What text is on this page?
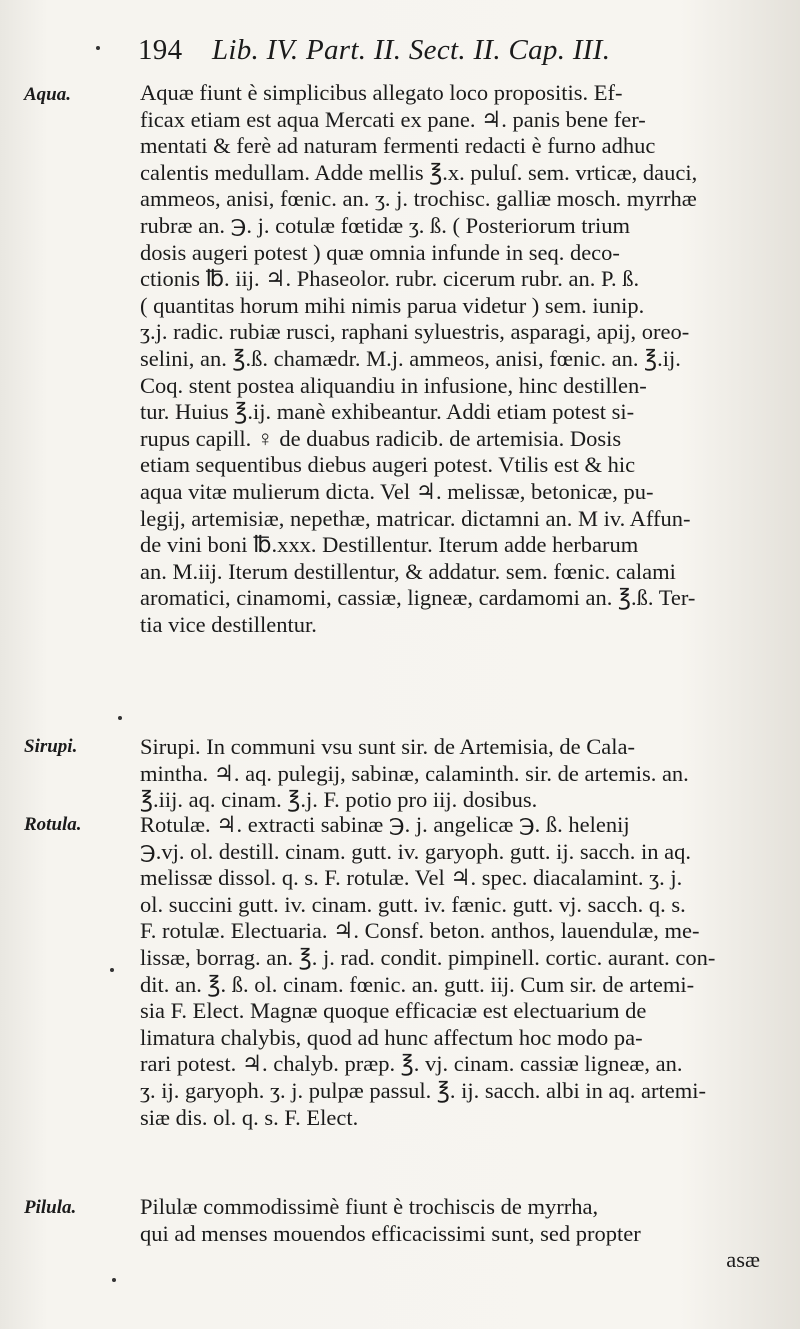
194 Lib. IV. Part. II. Sect. II. Cap. III.
Aqua.
Sirupi.
Rotula.
Pilula.
Aquæ fiunt è simplicibus allegato loco propositis. Ef-
ficax etiam est aqua Mercati ex pane. ♃. panis bene fer-
mentati & ferè ad naturam fermenti redacti è furno adhuc
calentis medullam. Adde mellis ℥.x. puluſ. sem. vrticæ, dauci,
ammeos, anisi, fœnic. an. ʒ. j. trochisc. galliæ mosch. myrrhæ
rubræ an. ℈. j. cotulæ fœtidæ ʒ. ß. ( Posteriorum trium
dosis augeri potest ) quæ omnia infunde in seq. deco-
ctionis ℔. iij. ♃. Phaseolor. rubr. cicerum rubr. an. P. ß.
( quantitas horum mihi nimis parua videtur ) sem. iunip.
ʒ.j. radic. rubiæ rusci, raphani syluestris, asparagi, apij, oreo-
selini, an. ℥.ß. chamædr. M.j. ammeos, anisi, fœnic. an. ℥.ij.
Coq. stent postea aliquandiu in infusione, hinc destillen-
tur. Huius ℥.ij. manè exhibeantur. Addi etiam potest si-
rupus capill. ♀ de duabus radicib. de artemisia. Dosis
etiam sequentibus diebus augeri potest. Vtilis est & hic
aqua vitæ mulierum dicta. Vel ♃. melissæ, betonicæ, pu-
legij, artemisiæ, nepethæ, matricar. dictamni an. M iv. Affun-
de vini boni ℔.xxx. Destillentur. Iterum adde herbarum
an. M.iij. Iterum destillentur, & addatur. sem. fœnic. calami
aromatici, cinamomi, cassiæ, ligneæ, cardamomi an. ℥.ß. Ter-
tia vice destillentur.
Sirupi. In communi vsu sunt sir. de Artemisia, de Cala-
mintha. ♃. aq. pulegij, sabinæ, calaminth. sir. de artemis. an.
℥.iij. aq. cinam. ℥.j. F. potio pro iij. dosibus.
Rotulæ. ♃. extracti sabinæ ℈. j. angelicæ ℈. ß. helenij
℈.vj. ol. destill. cinam. gutt. iv. garyoph. gutt. ij. sacch. in aq.
melissæ dissol. q. s. F. rotulæ. Vel ♃. spec. diacalamint. ʒ. j.
ol. succini gutt. iv. cinam. gutt. iv. fænic. gutt. vj. sacch. q. s.
F. rotulæ. Electuaria. ♃. Consf. beton. anthos, lauendulæ, me-
lissæ, borrag. an. ℥. j. rad. condit. pimpinell. cortic. aurant. con-
dit. an. ℥. ß. ol. cinam. fœnic. an. gutt. iij. Cum sir. de artemi-
sia F. Elect. Magnæ quoque efficaciæ est electuarium de
limatura chalybis, quod ad hunc affectum hoc modo pa-
rari potest. ♃. chalyb. præp. ℥. vj. cinam. cassiæ ligneæ, an.
ʒ. ij. garyoph. ʒ. j. pulpæ passul. ℥. ij. sacch. albi in aq. artemi-
siæ dis. ol. q. s. F. Elect.
Pilulæ commodissimè fiunt è trochiscis de myrrha,
qui ad menses mouendos efficacissimi sunt, sed propter
asæ
